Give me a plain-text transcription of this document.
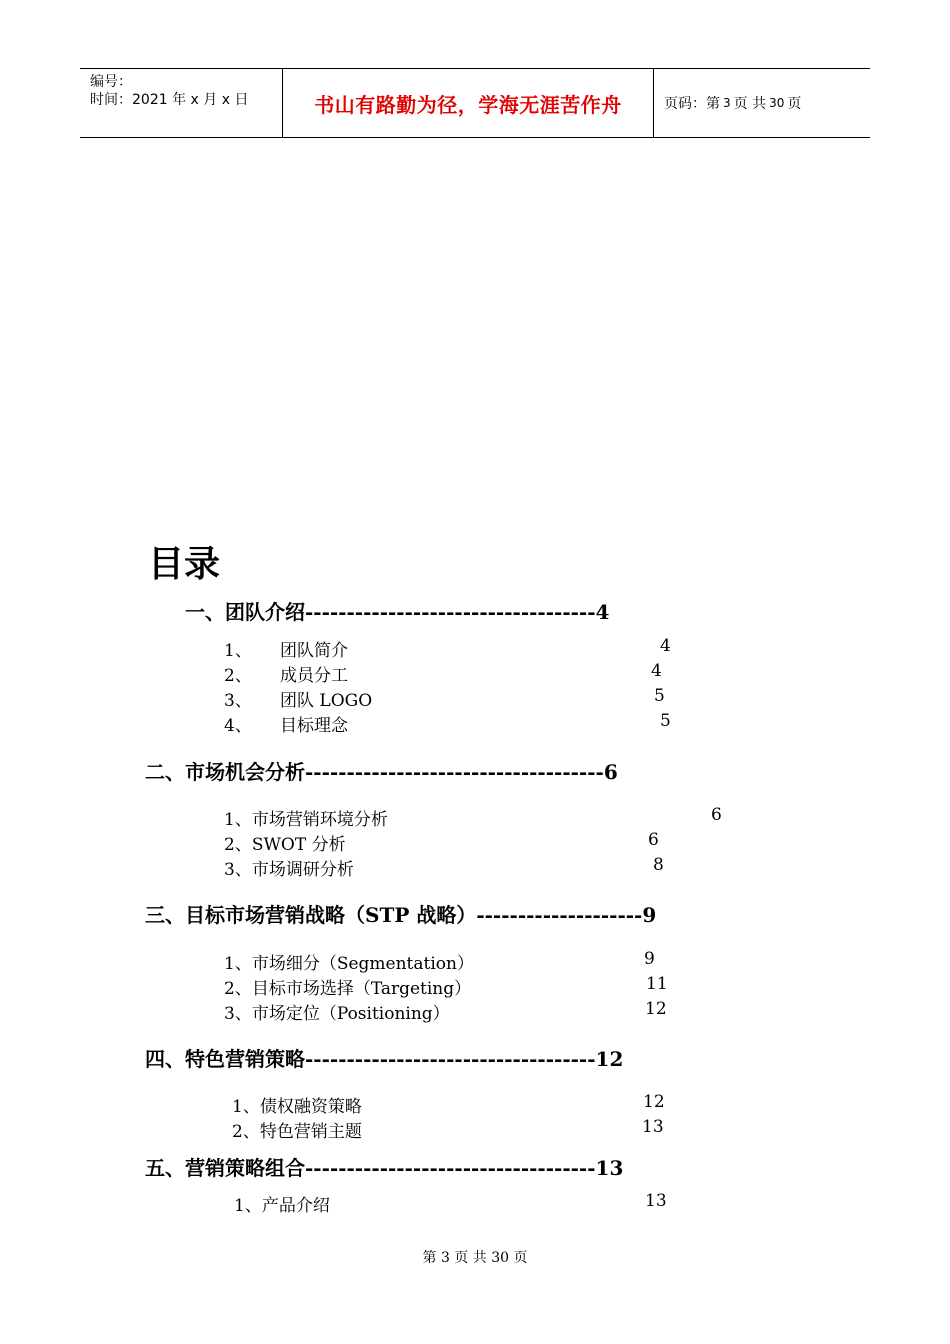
编号：
时间：2021 年 x 月 x 日	书山有路勤为径，学海无涯苦作舟	页码：第 3 页 共 30 页
目录
一、团队介绍-----------------------------------4
1、 团队简介	4
2、 成员分工	4
3、 团队 LOGO	5
4、 目标理念	5
二、市场机会分析------------------------------------6
1、市场营销环境分析	6
2、SWOT 分析	6
3、市场调研分析	8
三、目标市场营销战略（STP 战略）--------------------9
1、市场细分（Segmentation）	9
2、目标市场选择（Targeting）	11
3、市场定位（Positioning）	12
四、特色营销策略-----------------------------------12
1、债权融资策略	12
2、特色营销主题	13
五、营销策略组合-----------------------------------13
1、产品介绍	13
第 3 页 共 30 页
